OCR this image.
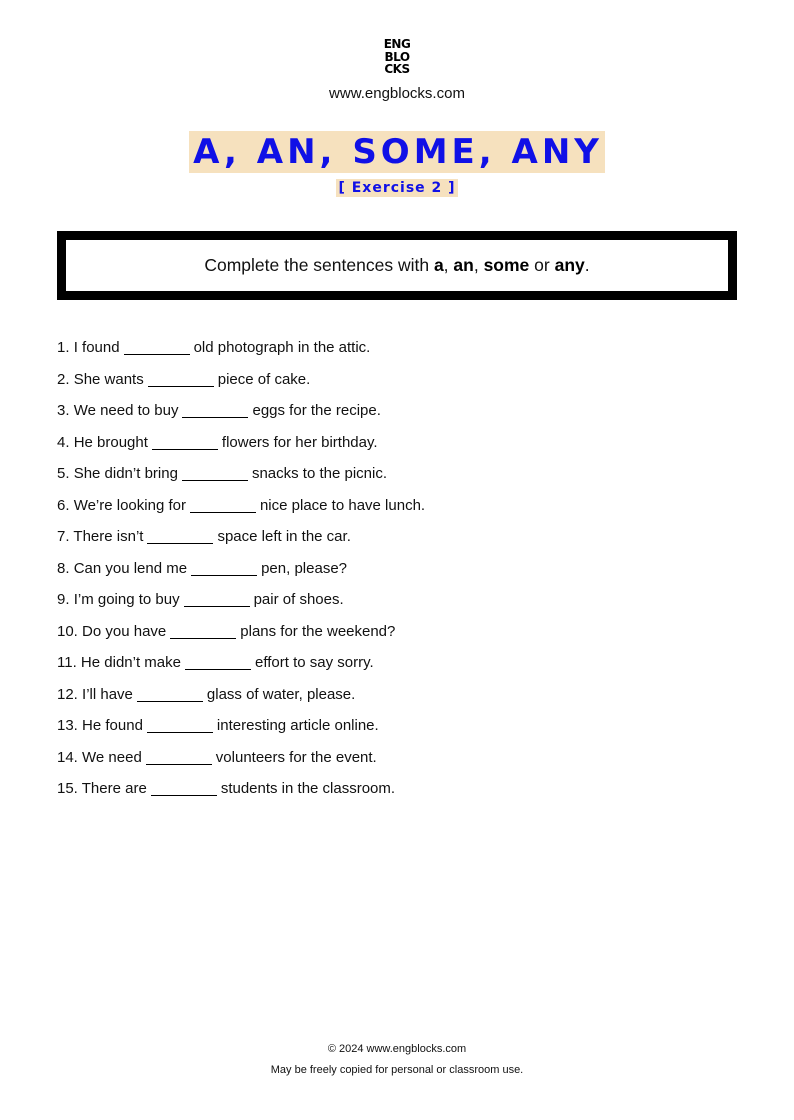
ENG
BLO
CKS
www.engblocks.com
A, AN, SOME, ANY
[ Exercise 2 ]
Complete the sentences with a, an, some or any.
1. I found	old photograph in the attic.
2. She wants	piece of cake.
3. We need to buy	eggs for the recipe.
4. He brought	flowers for her birthday.
5. She didn’t bring	snacks to the picnic.
6. We’re looking for	nice place to have lunch.
7. There isn’t	space left in the car.
8. Can you lend me	pen, please?
9. I’m going to buy	pair of shoes.
10. Do you have	plans for the weekend?
11. He didn’t make	effort to say sorry.
12. I’ll have	glass of water, please.
13. He found	interesting article online.
14. We need	volunteers for the event.
15. There are	students in the classroom.
© 2024 www.engblocks.com
May be freely copied for personal or classroom use.
